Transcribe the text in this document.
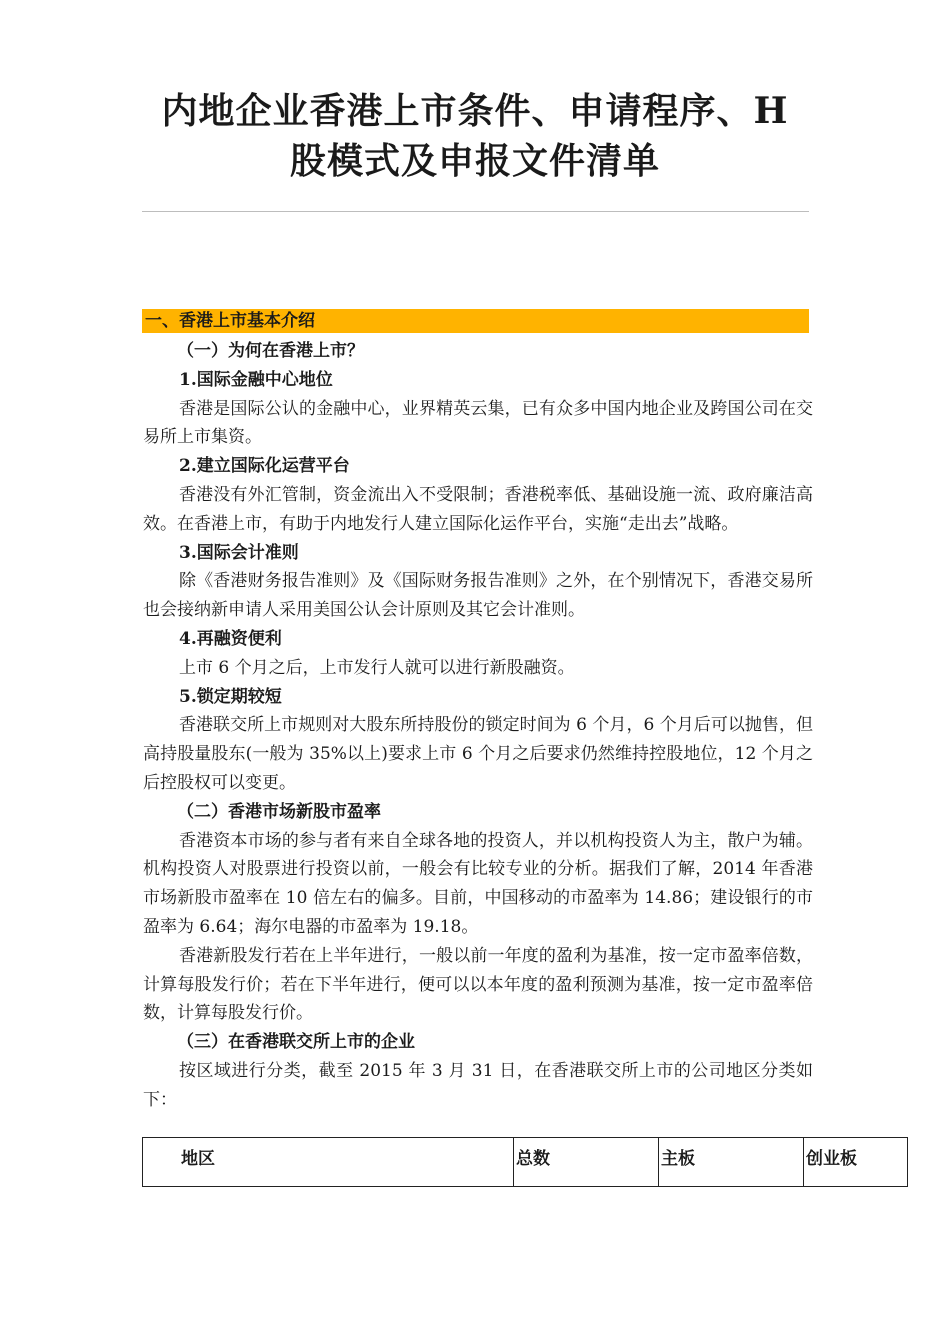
内地企业香港上市条件、申请程序、H
股模式及申报文件清单
一、香港上市基本介绍

（一）为何在香港上市？

1.国际金融中心地位

香港是国际公认的金融中心，业界精英云集，已有众多中国内地企业及跨国公司在交易所上市集资。

2.建立国际化运营平台

香港没有外汇管制，资金流出入不受限制；香港税率低、基础设施一流、政府廉洁高效。在香港上市，有助于内地发行人建立国际化运作平台，实施“走出去”战略。

3.国际会计准则

除《香港财务报告准则》及《国际财务报告准则》之外，在个别情况下，香港交易所也会接纳新申请人采用美国公认会计原则及其它会计准则。

4.再融资便利

上市 6 个月之后，上市发行人就可以进行新股融资。

5.锁定期较短

香港联交所上市规则对大股东所持股份的锁定时间为 6 个月，6 个月后可以抛售，但高持股量股东(一般为 35%以上)要求上市 6 个月之后要求仍然维持控股地位，12 个月之后控股权可以变更。

（二）香港市场新股市盈率

香港资本市场的参与者有来自全球各地的投资人，并以机构投资人为主，散户为辅。机构投资人对股票进行投资以前，一般会有比较专业的分析。据我们了解，2014 年香港市场新股市盈率在 10 倍左右的偏多。目前，中国移动的市盈率为 14.86；建设银行的市盈率为 6.64；海尔电器的市盈率为 19.18。

香港新股发行若在上半年进行，一般以前一年度的盈利为基准，按一定市盈率倍数，计算每股发行价；若在下半年进行，便可以以本年度的盈利预测为基准，按一定市盈率倍数，计算每股发行价。

（三）在香港联交所上市的企业

按区域进行分类，截至 2015 年 3 月 31 日，在香港联交所上市的公司地区分类如下：

地区	总数	主板	创业板
